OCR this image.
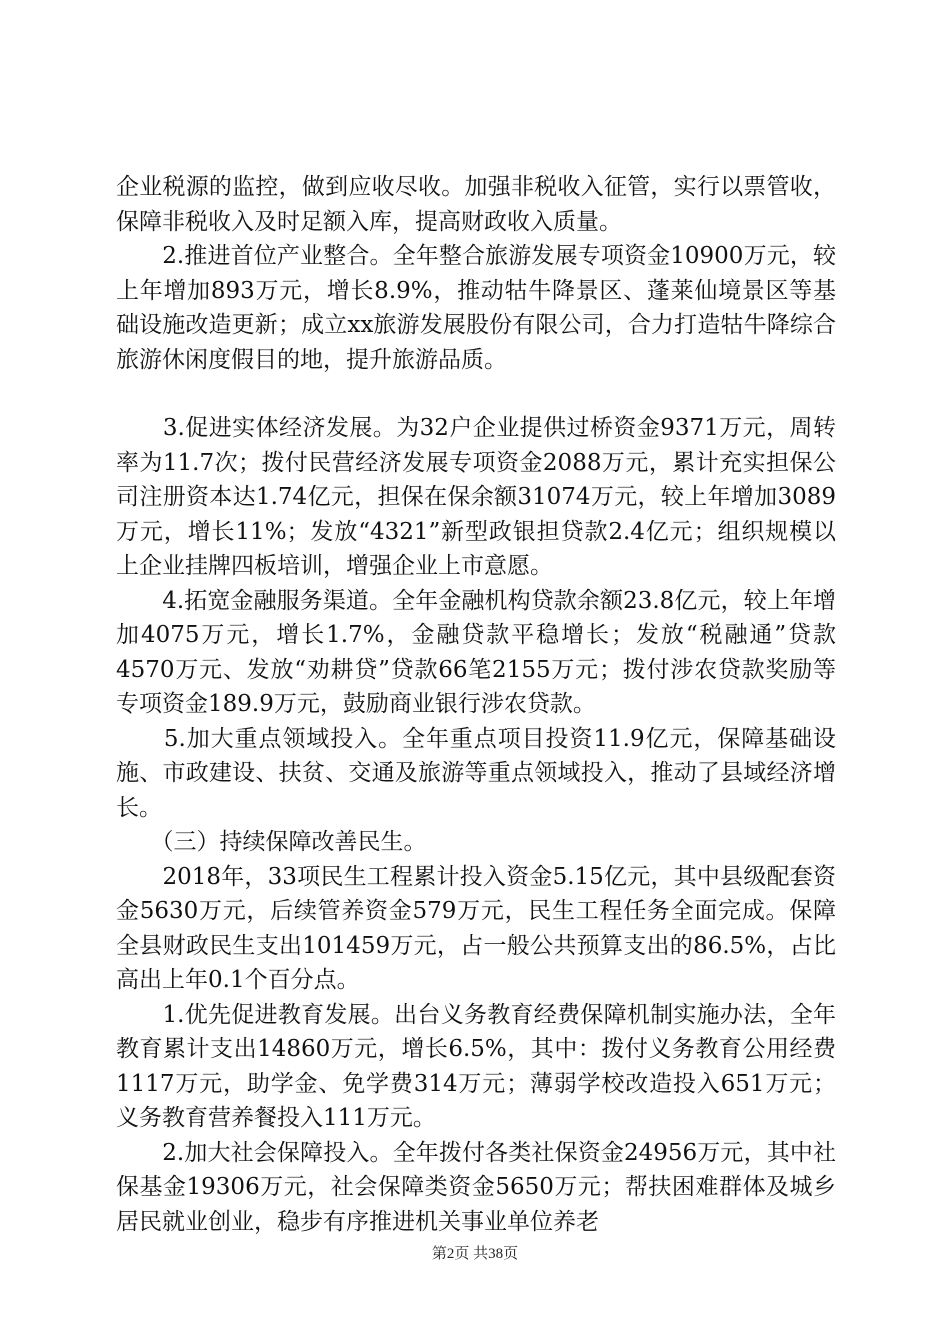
企业税源的监控，做到应收尽收。加强非税收入征管，实行以票管收，保障非税收入及时足额入库，提高财政收入质量。

　　2.推进首位产业整合。全年整合旅游发展专项资金10900万元，较上年增加893万元，增长8.9%，推动牯牛降景区、蓬莱仙境景区等基础设施改造更新；成立xx旅游发展股份有限公司，合力打造牯牛降综合旅游休闲度假目的地，提升旅游品质。

　　3.促进实体经济发展。为32户企业提供过桥资金9371万元，周转率为11.7次；拨付民营经济发展专项资金2088万元，累计充实担保公司注册资本达1.74亿元，担保在保余额31074万元，较上年增加3089万元，增长11%；发放“4321”新型政银担贷款2.4亿元；组织规模以上企业挂牌四板培训，增强企业上市意愿。

　　4.拓宽金融服务渠道。全年金融机构贷款余额23.8亿元，较上年增加4075万元，增长1.7%，金融贷款平稳增长；发放“税融通”贷款4570万元、发放“劝耕贷”贷款66笔2155万元；拨付涉农贷款奖励等专项资金189.9万元，鼓励商业银行涉农贷款。

　　5.加大重点领域投入。全年重点项目投资11.9亿元，保障基础设施、市政建设、扶贫、交通及旅游等重点领域投入，推动了县域经济增长。

　　（三）持续保障改善民生。

　　2018年，33项民生工程累计投入资金5.15亿元，其中县级配套资金5630万元，后续管养资金579万元，民生工程任务全面完成。保障全县财政民生支出101459万元，占一般公共预算支出的86.5%，占比高出上年0.1个百分点。

　　1.优先促进教育发展。出台义务教育经费保障机制实施办法，全年教育累计支出14860万元，增长6.5%，其中：拨付义务教育公用经费1117万元，助学金、免学费314万元；薄弱学校改造投入651万元；义务教育营养餐投入111万元。

　　2.加大社会保障投入。全年拨付各类社保资金24956万元，其中社保基金19306万元，社会保障类资金5650万元；帮扶困难群体及城乡居民就业创业，稳步有序推进机关事业单位养老

第2页 共38页
